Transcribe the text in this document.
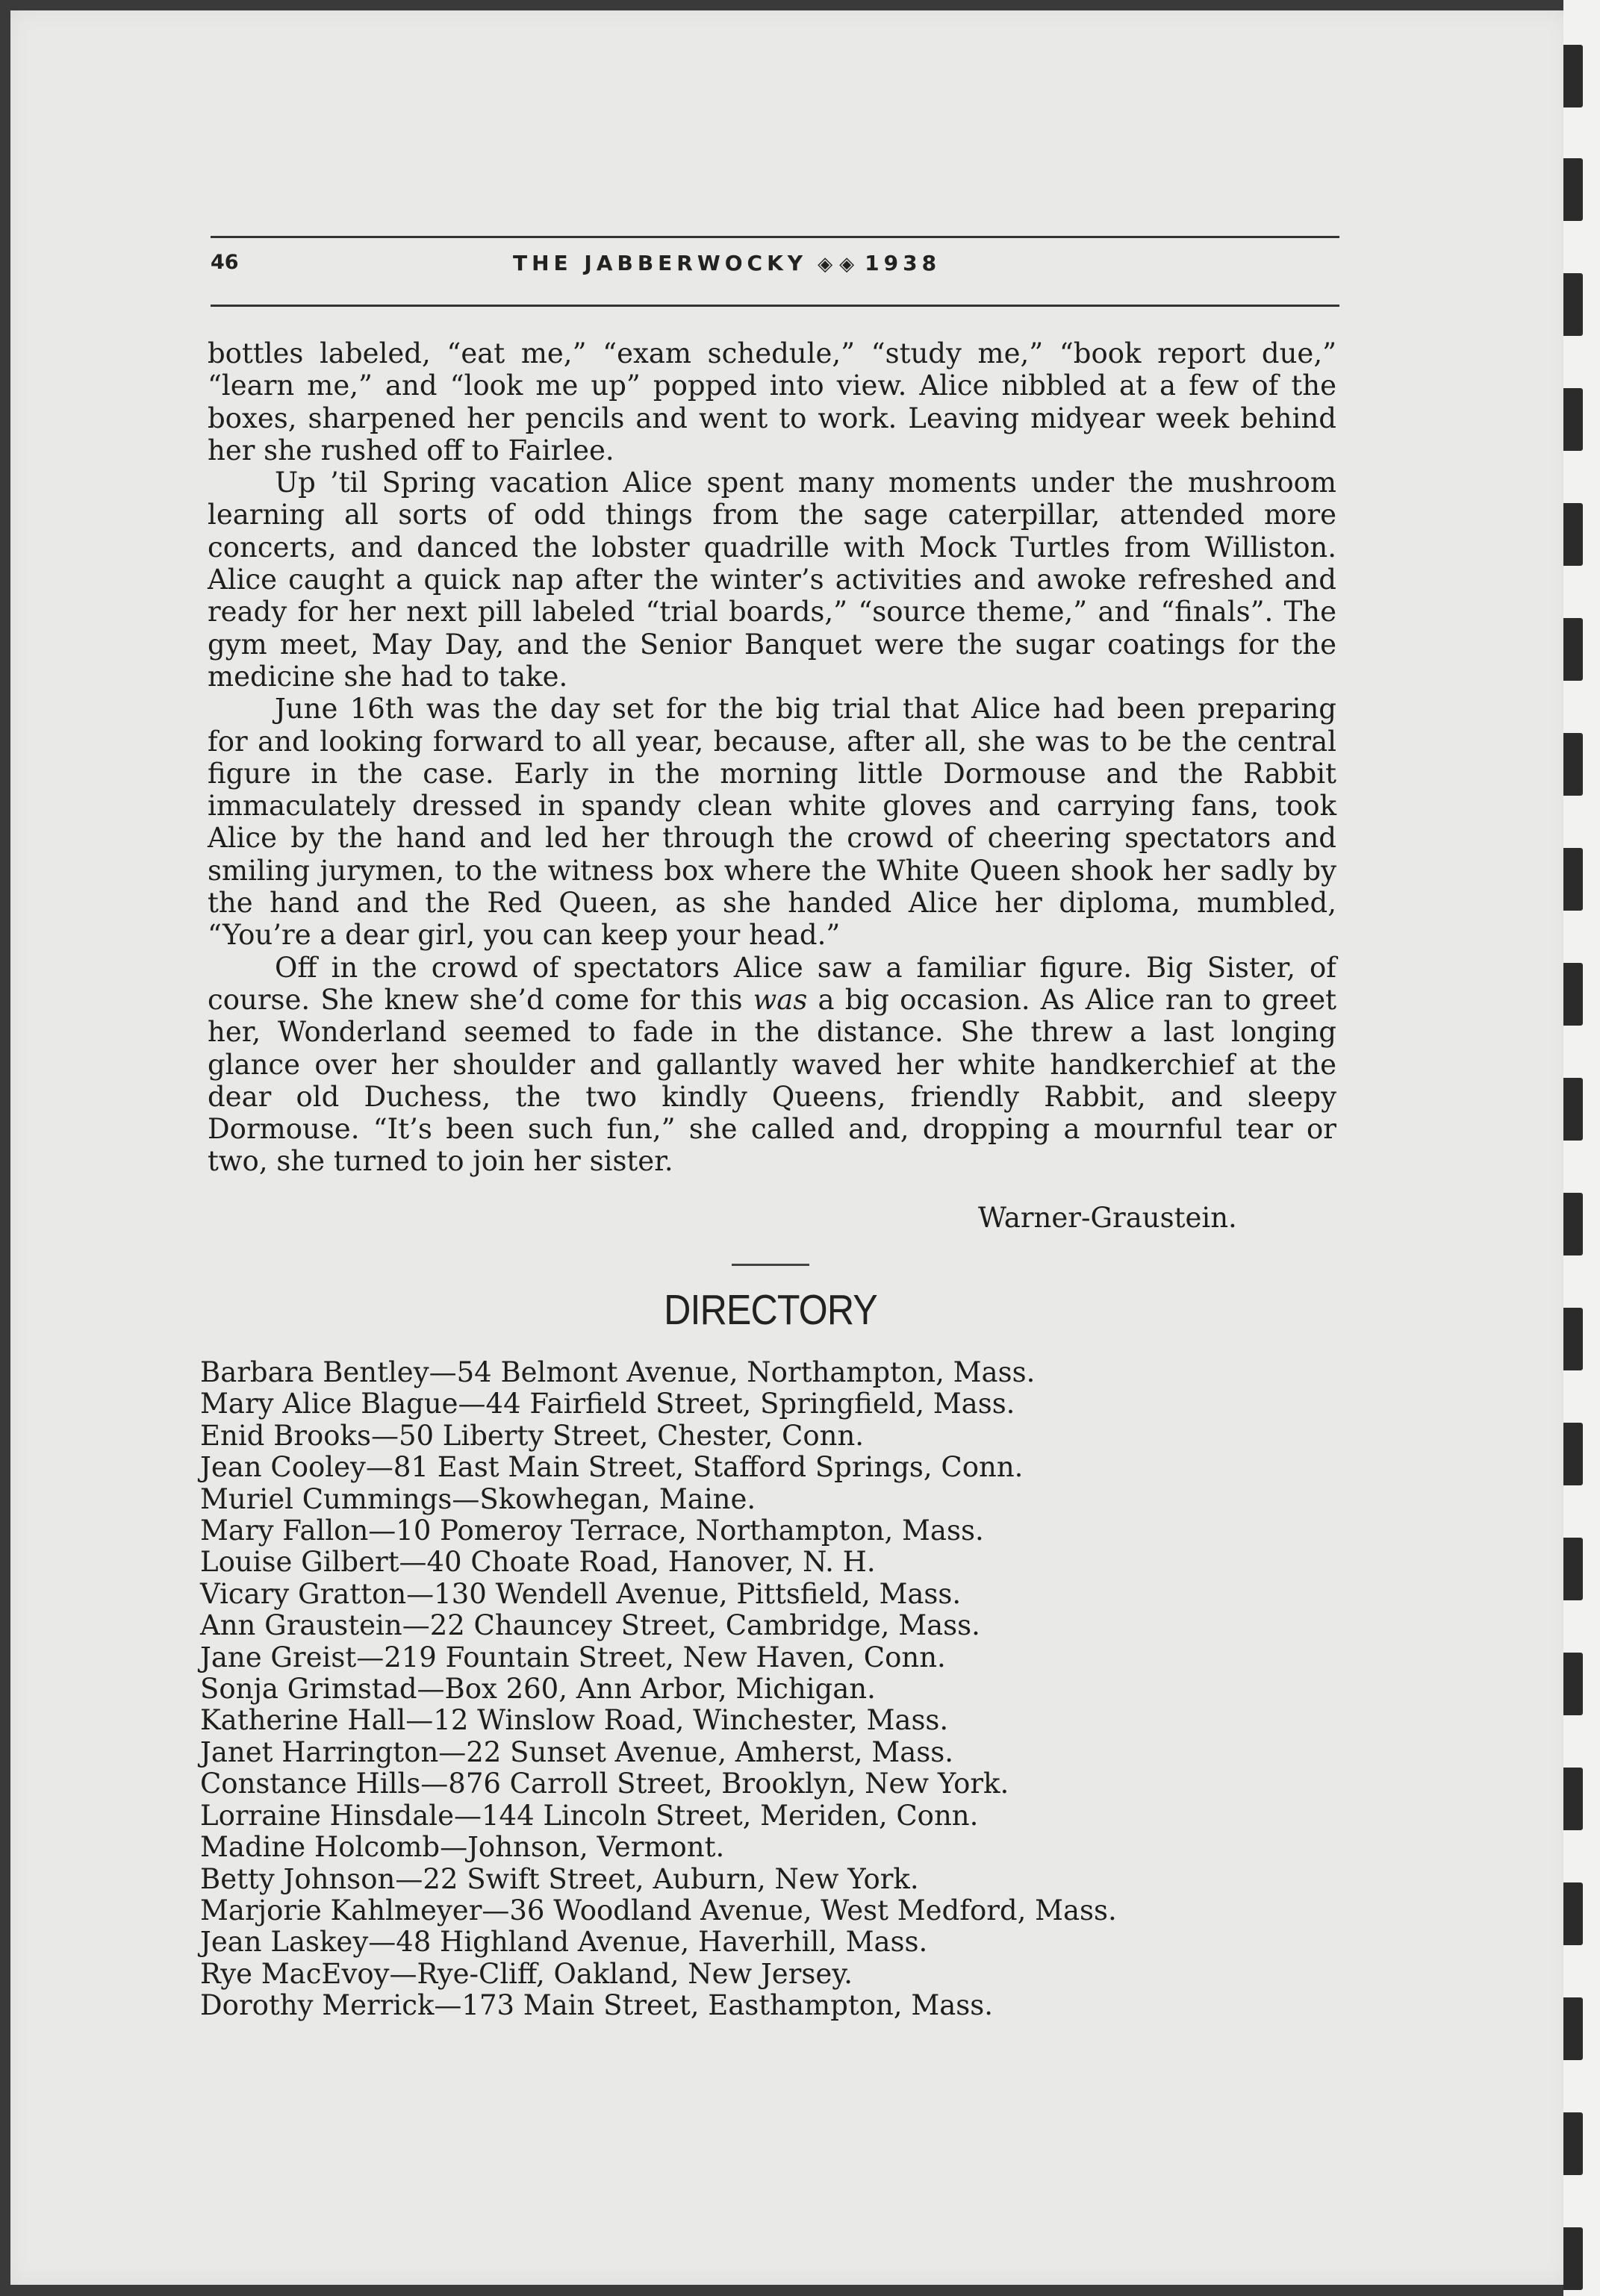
46	THE JABBERWOCKY ◈ ◈ 1938

bottles labeled, “eat me,” “exam schedule,” “study me,” “book report due,” “learn me,” and “look me up” popped into view. Alice nibbled at a few of the boxes, sharpened her pencils and went to work. Leaving midyear week behind her she rushed off to Fairlee.

Up ’til Spring vacation Alice spent many moments under the mushroom learning all sorts of odd things from the sage caterpillar, attended more concerts, and danced the lobster quadrille with Mock Turtles from Williston. Alice caught a quick nap after the winter’s activities and awoke refreshed and ready for her next pill labeled “trial boards,” “source theme,” and “finals”. The gym meet, May Day, and the Senior Banquet were the sugar coatings for the medicine she had to take.

June 16th was the day set for the big trial that Alice had been preparing for and looking forward to all year, because, after all, she was to be the central figure in the case. Early in the morning little Dormouse and the Rabbit immaculately dressed in spandy clean white gloves and carrying fans, took Alice by the hand and led her through the crowd of cheering spectators and smiling jurymen, to the witness box where the White Queen shook her sadly by the hand and the Red Queen, as she handed Alice her diploma, mumbled, “You’re a dear girl, you can keep your head.”

Off in the crowd of spectators Alice saw a familiar figure. Big Sister, of course. She knew she’d come for this was a big occasion. As Alice ran to greet her, Wonderland seemed to fade in the distance. She threw a last longing glance over her shoulder and gallantly waved her white handkerchief at the dear old Duchess, the two kindly Queens, friendly Rabbit, and sleepy Dormouse. “It’s been such fun,” she called and, dropping a mournful tear or two, she turned to join her sister.

Warner-Graustein.
DIRECTORY
Barbara Bentley—54 Belmont Avenue, Northampton, Mass.
Mary Alice Blague—44 Fairfield Street, Springfield, Mass.
Enid Brooks—50 Liberty Street, Chester, Conn.
Jean Cooley—81 East Main Street, Stafford Springs, Conn.
Muriel Cummings—Skowhegan, Maine.
Mary Fallon—10 Pomeroy Terrace, Northampton, Mass.
Louise Gilbert—40 Choate Road, Hanover, N. H.
Vicary Gratton—130 Wendell Avenue, Pittsfield, Mass.
Ann Graustein—22 Chauncey Street, Cambridge, Mass.
Jane Greist—219 Fountain Street, New Haven, Conn.
Sonja Grimstad—Box 260, Ann Arbor, Michigan.
Katherine Hall—12 Winslow Road, Winchester, Mass.
Janet Harrington—22 Sunset Avenue, Amherst, Mass.
Constance Hills—876 Carroll Street, Brooklyn, New York.
Lorraine Hinsdale—144 Lincoln Street, Meriden, Conn.
Madine Holcomb—Johnson, Vermont.
Betty Johnson—22 Swift Street, Auburn, New York.
Marjorie Kahlmeyer—36 Woodland Avenue, West Medford, Mass.
Jean Laskey—48 Highland Avenue, Haverhill, Mass.
Rye MacEvoy—Rye-Cliff, Oakland, New Jersey.
Dorothy Merrick—173 Main Street, Easthampton, Mass.
